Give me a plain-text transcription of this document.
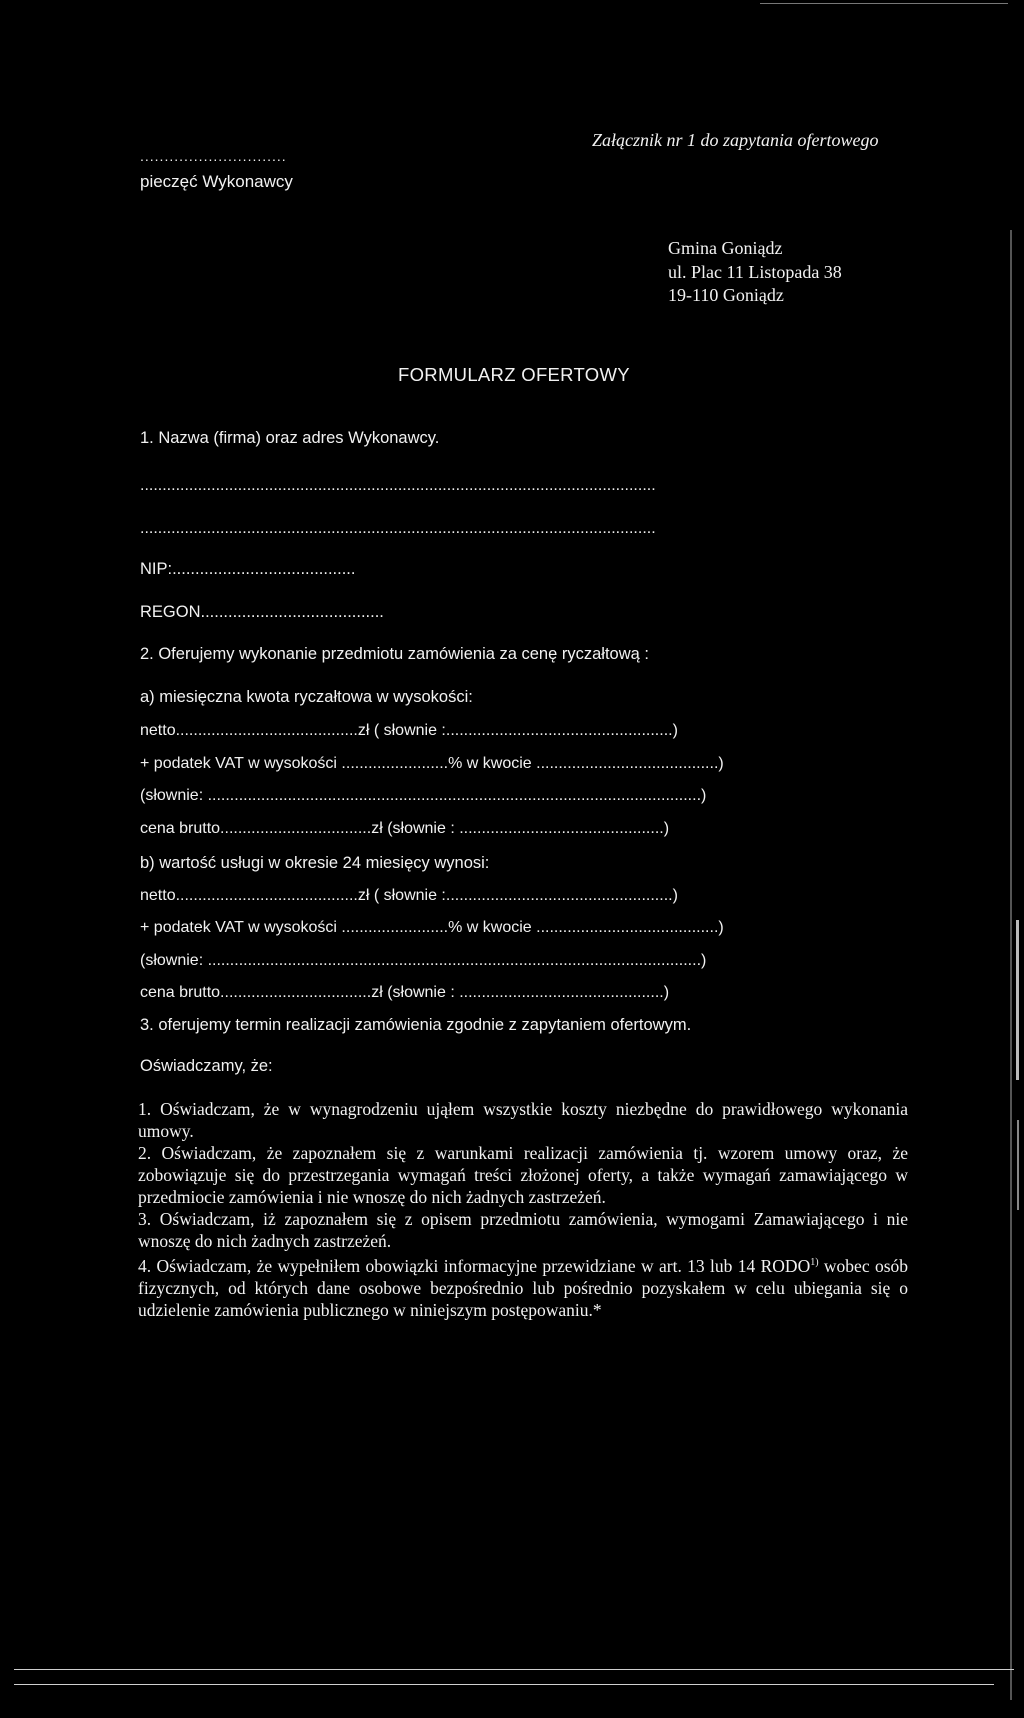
..............................
pieczęć Wykonawcy
Załącznik nr 1 do zapytania ofertowego
Gmina Goniądz
ul. Plac 11 Listopada 38
19-110 Goniądz
FORMULARZ OFERTOWY
1. Nazwa (firma) oraz adres Wykonawcy.
....................................................................................................................
....................................................................................................................
NIP:........................................
REGON........................................
2. Oferujemy wykonanie przedmiotu zamówienia za cenę ryczałtową :
a) miesięczna kwota ryczałtowa w wysokości:
netto.........................................zł ( słownie :...................................................)
+ podatek VAT w wysokości ........................% w kwocie .........................................)
(słownie: ...............................................................................................................)
cena brutto..................................zł (słownie : ..............................................)
b) wartość usługi w okresie 24 miesięcy wynosi:
netto.........................................zł ( słownie :...................................................)
+ podatek VAT w wysokości ........................% w kwocie .........................................)
(słownie: ...............................................................................................................)
cena brutto..................................zł (słownie : ..............................................)
3. oferujemy termin realizacji zamówienia zgodnie z zapytaniem ofertowym.
Oświadczamy, że:
1. Oświadczam, że w wynagrodzeniu ująłem wszystkie koszty niezbędne do prawidłowego wykonania umowy.
2. Oświadczam, że zapoznałem się z warunkami realizacji zamówienia tj. wzorem umowy oraz, że zobowiązuje się do przestrzegania wymagań treści złożonej oferty, a także wymagań zamawiającego w przedmiocie zamówienia i nie wnoszę do nich żadnych zastrzeżeń.
3. Oświadczam, iż zapoznałem się z opisem przedmiotu zamówienia, wymogami Zamawiającego i nie wnoszę do nich żadnych zastrzeżeń.
4. Oświadczam, że wypełniłem obowiązki informacyjne przewidziane w art. 13 lub 14 RODO$^{1)}$ wobec osób fizycznych, od których dane osobowe bezpośrednio lub pośrednio pozyskałem w celu ubiegania się o udzielenie zamówienia publicznego w niniejszym postępowaniu.*
